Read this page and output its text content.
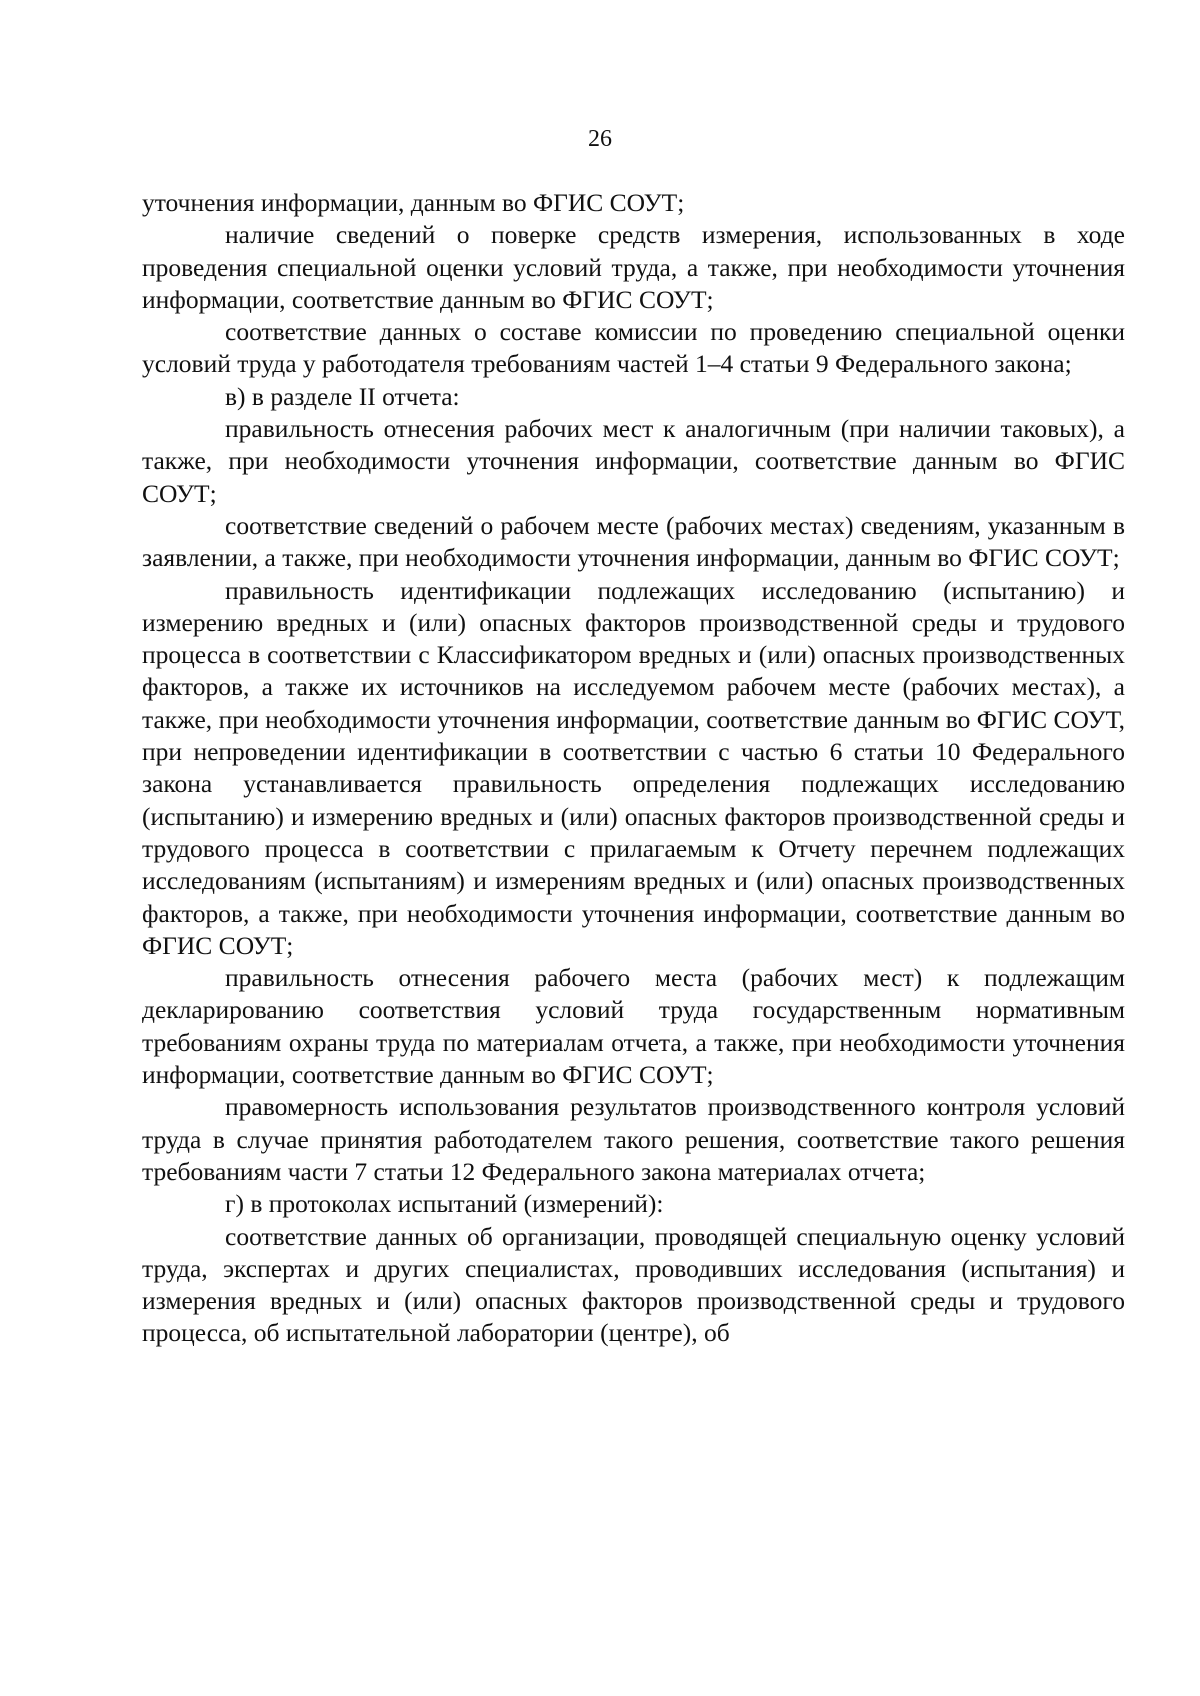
26

уточнения информации, данным во ФГИС СОУТ;

наличие сведений о поверке средств измерения, использованных в ходе проведения специальной оценки условий труда, а также, при необходимости уточнения информации, соответствие данным во ФГИС СОУТ;

соответствие данных о составе комиссии по проведению специальной оценки условий труда у работодателя требованиям частей 1–4 статьи 9 Федерального закона;

в) в разделе II отчета:

правильность отнесения рабочих мест к аналогичным (при наличии таковых), а также, при необходимости уточнения информации, соответствие данным во ФГИС СОУТ;

соответствие сведений о рабочем месте (рабочих местах) сведениям, указанным в заявлении, а также, при необходимости уточнения информации, данным во ФГИС СОУТ;

правильность идентификации подлежащих исследованию (испытанию) и измерению вредных и (или) опасных факторов производственной среды и трудового процесса в соответствии с Классификатором вредных и (или) опасных производственных факторов, а также их источников на исследуемом рабочем месте (рабочих местах), а также, при необходимости уточнения информации, соответствие данным во ФГИС СОУТ, при непроведении идентификации в соответствии с частью 6 статьи 10 Федерального закона устанавливается правильность определения подлежащих исследованию (испытанию) и измерению вредных и (или) опасных факторов производственной среды и трудового процесса в соответствии с прилагаемым к Отчету перечнем подлежащих исследованиям (испытаниям) и измерениям вредных и (или) опасных производственных факторов, а также, при необходимости уточнения информации, соответствие данным во ФГИС СОУТ;

правильность отнесения рабочего места (рабочих мест) к подлежащим декларированию соответствия условий труда государственным нормативным требованиям охраны труда по материалам отчета, а также, при необходимости уточнения информации, соответствие данным во ФГИС СОУТ;

правомерность использования результатов производственного контроля условий труда в случае принятия работодателем такого решения, соответствие такого решения требованиям части 7 статьи 12 Федерального закона материалах отчета;

г) в протоколах испытаний (измерений):

соответствие данных об организации, проводящей специальную оценку условий труда, экспертах и других специалистах, проводивших исследования (испытания) и измерения вредных и (или) опасных факторов производственной среды и трудового процесса, об испытательной лаборатории (центре), об
